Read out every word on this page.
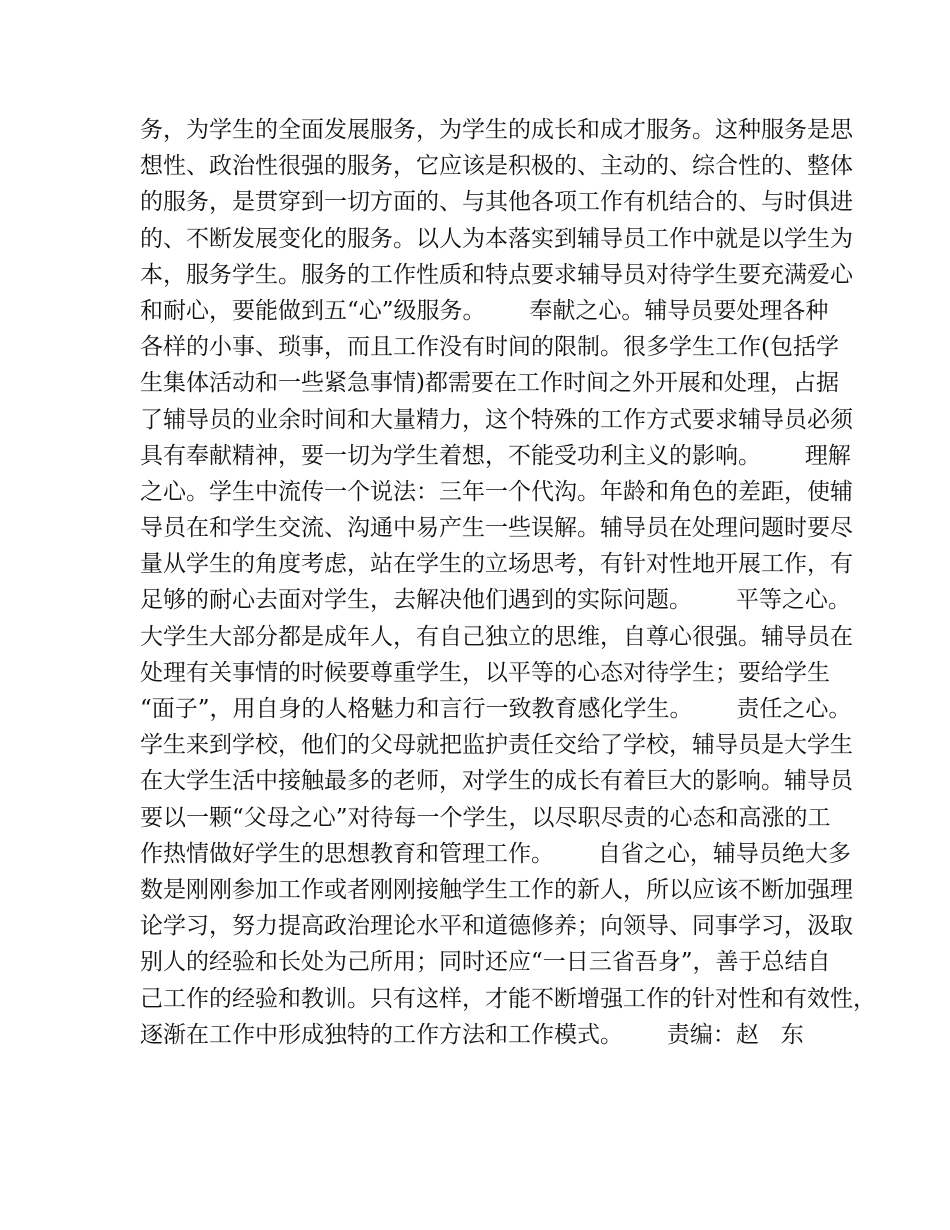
务，为学生的全面发展服务，为学生的成长和成才服务。这种服务是思
想性、政治性很强的服务，它应该是积极的、主动的、综合性的、整体
的服务，是贯穿到一切方面的、与其他各项工作有机结合的、与时俱进
的、不断发展变化的服务。以人为本落实到辅导员工作中就是以学生为
本，服务学生。服务的工作性质和特点要求辅导员对待学生要充满爱心
和耐心，要能做到五“心”级服务。      奉献之心。辅导员要处理各种
各样的小事、琐事，而且工作没有时间的限制。很多学生工作(包括学
生集体活动和一些紧急事情)都需要在工作时间之外开展和处理，占据
了辅导员的业余时间和大量精力，这个特殊的工作方式要求辅导员必须
具有奉献精神，要一切为学生着想，不能受功利主义的影响。      理解
之心。学生中流传一个说法：三年一个代沟。年龄和角色的差距，使辅
导员在和学生交流、沟通中易产生一些误解。辅导员在处理问题时要尽
量从学生的角度考虑，站在学生的立场思考，有针对性地开展工作，有
足够的耐心去面对学生，去解决他们遇到的实际问题。      平等之心。
大学生大部分都是成年人，有自己独立的思维，自尊心很强。辅导员在
处理有关事情的时候要尊重学生，以平等的心态对待学生；要给学生
“面子”，用自身的人格魅力和言行一致教育感化学生。      责任之心。
学生来到学校，他们的父母就把监护责任交给了学校，辅导员是大学生
在大学生活中接触最多的老师，对学生的成长有着巨大的影响。辅导员
要以一颗“父母之心”对待每一个学生，以尽职尽责的心态和高涨的工
作热情做好学生的思想教育和管理工作。      自省之心，辅导员绝大多
数是刚刚参加工作或者刚刚接触学生工作的新人，所以应该不断加强理
论学习，努力提高政治理论水平和道德修养；向领导、同事学习，汲取
别人的经验和长处为己所用；同时还应“一日三省吾身”，善于总结自
己工作的经验和教训。只有这样，才能不断增强工作的针对性和有效性，
逐渐在工作中形成独特的工作方法和工作模式。      责编：赵   东
